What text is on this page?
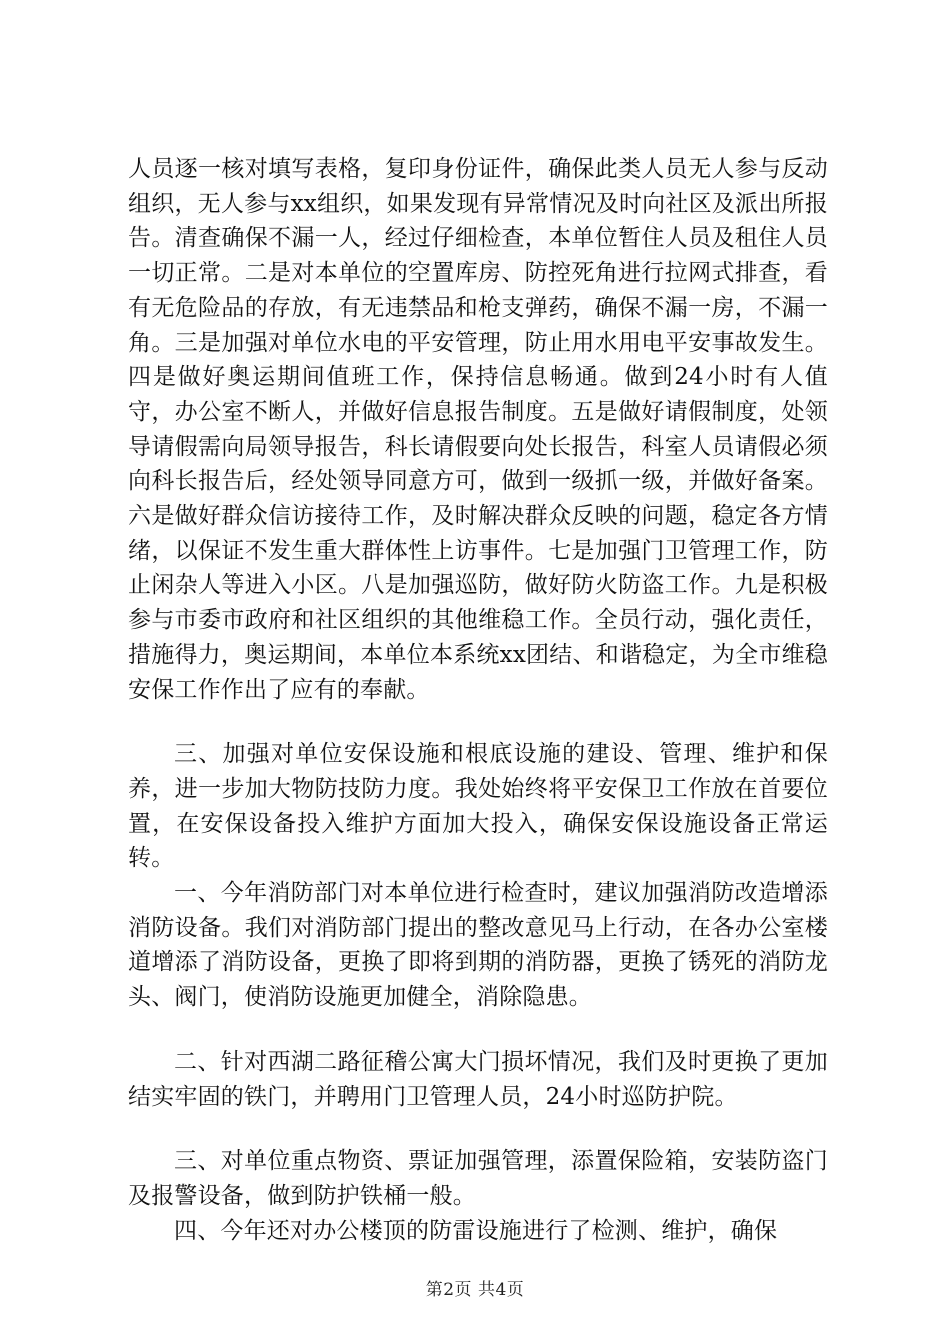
人员逐一核对填写表格，复印身份证件，确保此类人员无人参与反动组织，无人参与xx组织，如果发现有异常情况及时向社区及派出所报告。清查确保不漏一人，经过仔细检查，本单位暂住人员及租住人员一切正常。二是对本单位的空置库房、防控死角进行拉网式排查，看有无危险品的存放，有无违禁品和枪支弹药，确保不漏一房，不漏一角。三是加强对单位水电的平安管理，防止用水用电平安事故发生。四是做好奥运期间值班工作，保持信息畅通。做到24小时有人值守，办公室不断人，并做好信息报告制度。五是做好请假制度，处领导请假需向局领导报告，科长请假要向处长报告，科室人员请假必须向科长报告后，经处领导同意方可，做到一级抓一级，并做好备案。六是做好群众信访接待工作，及时解决群众反映的问题，稳定各方情绪，以保证不发生重大群体性上访事件。七是加强门卫管理工作，防止闲杂人等进入小区。八是加强巡防，做好防火防盗工作。九是积极参与市委市政府和社区组织的其他维稳工作。全员行动，强化责任，措施得力，奥运期间，本单位本系统xx团结、和谐稳定，为全市维稳安保工作作出了应有的奉献。

三、加强对单位安保设施和根底设施的建设、管理、维护和保养，进一步加大物防技防力度。我处始终将平安保卫工作放在首要位置，在安保设备投入维护方面加大投入，确保安保设施设备正常运转。

一、今年消防部门对本单位进行检查时，建议加强消防改造增添消防设备。我们对消防部门提出的整改意见马上行动，在各办公室楼道增添了消防设备，更换了即将到期的消防器，更换了锈死的消防龙头、阀门，使消防设施更加健全，消除隐患。

二、针对西湖二路征稽公寓大门损坏情况，我们及时更换了更加结实牢固的铁门，并聘用门卫管理人员，24小时巡防护院。

三、对单位重点物资、票证加强管理，添置保险箱，安装防盗门及报警设备，做到防护铁桶一般。

四、今年还对办公楼顶的防雷设施进行了检测、维护，确保

第2页 共4页
